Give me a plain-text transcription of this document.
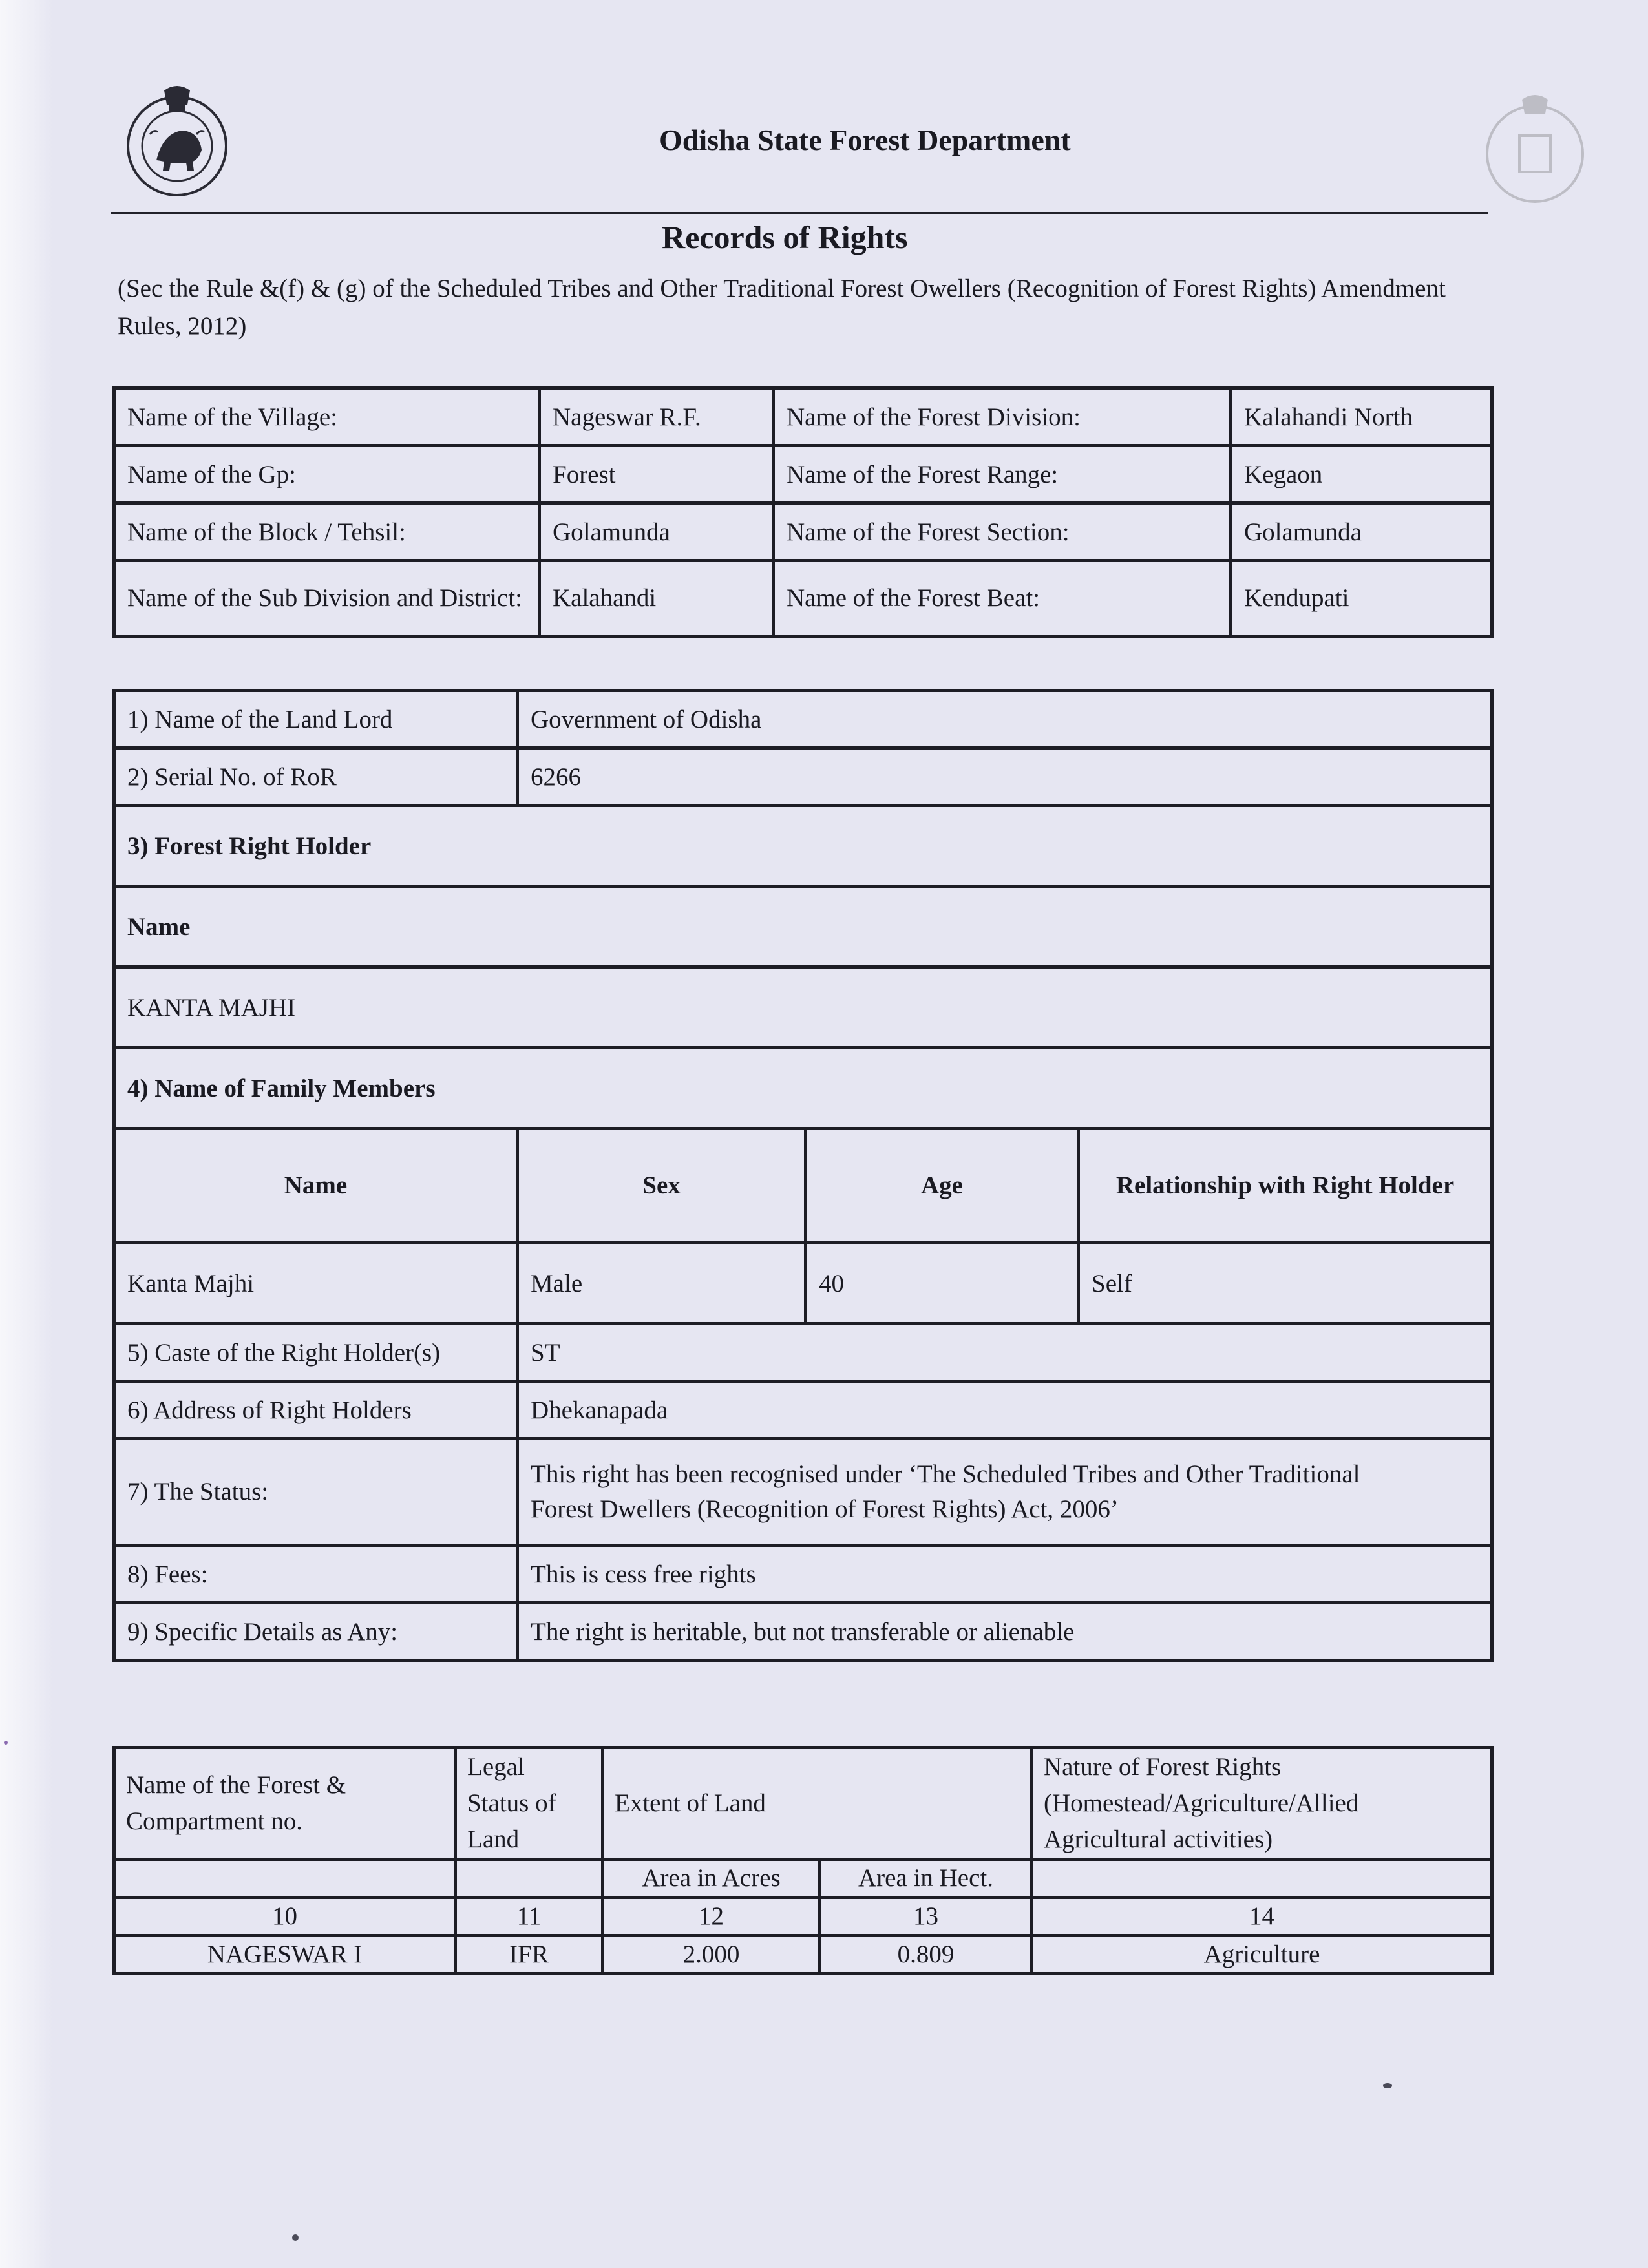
Odisha State Forest Department
Records of Rights
(Sec the Rule &(f) & (g) of the Scheduled Tribes and Other Traditional Forest Owellers (Recognition of Forest Rights) Amendment Rules, 2012)
Name of the Village:	Nageswar R.F.	Name of the Forest Division:	Kalahandi North
Name of the Gp:	Forest	Name of the Forest Range:	Kegaon
Name of the Block / Tehsil:	Golamunda	Name of the Forest Section:	Golamunda
Name of the Sub Division and District:	Kalahandi	Name of the Forest Beat:	Kendupati
1) Name of the Land Lord	Government of Odisha		
2) Serial No. of RoR	6266		
3) Forest Right Holder			
Name			
KANTA MAJHI			
4) Name of Family Members			
Name	Sex	Age	Relationship with Right Holder
Kanta Majhi	Male	40	Self
5) Caste of the Right Holder(s)	ST		
6) Address of Right Holders	Dhekanapada		
7) The Status:	This right has been recognised under ‘The Scheduled Tribes and Other Traditional
Forest Dwellers (Recognition of Forest Rights) Act, 2006’		

8) Fees:	This is cess free rights		
9) Specific Details as Any:	The right is heritable, but not transferable or alienable		
Name of the Forest & Compartment no.	Legal Status of Land	Extent of Land		Nature of Forest Rights (Homestead/Agriculture/Allied Agricultural activities)
		Area in Acres	Area in Hect.	
10	11	12	13	14
NAGESWAR I	IFR	2.000	0.809	Agriculture
